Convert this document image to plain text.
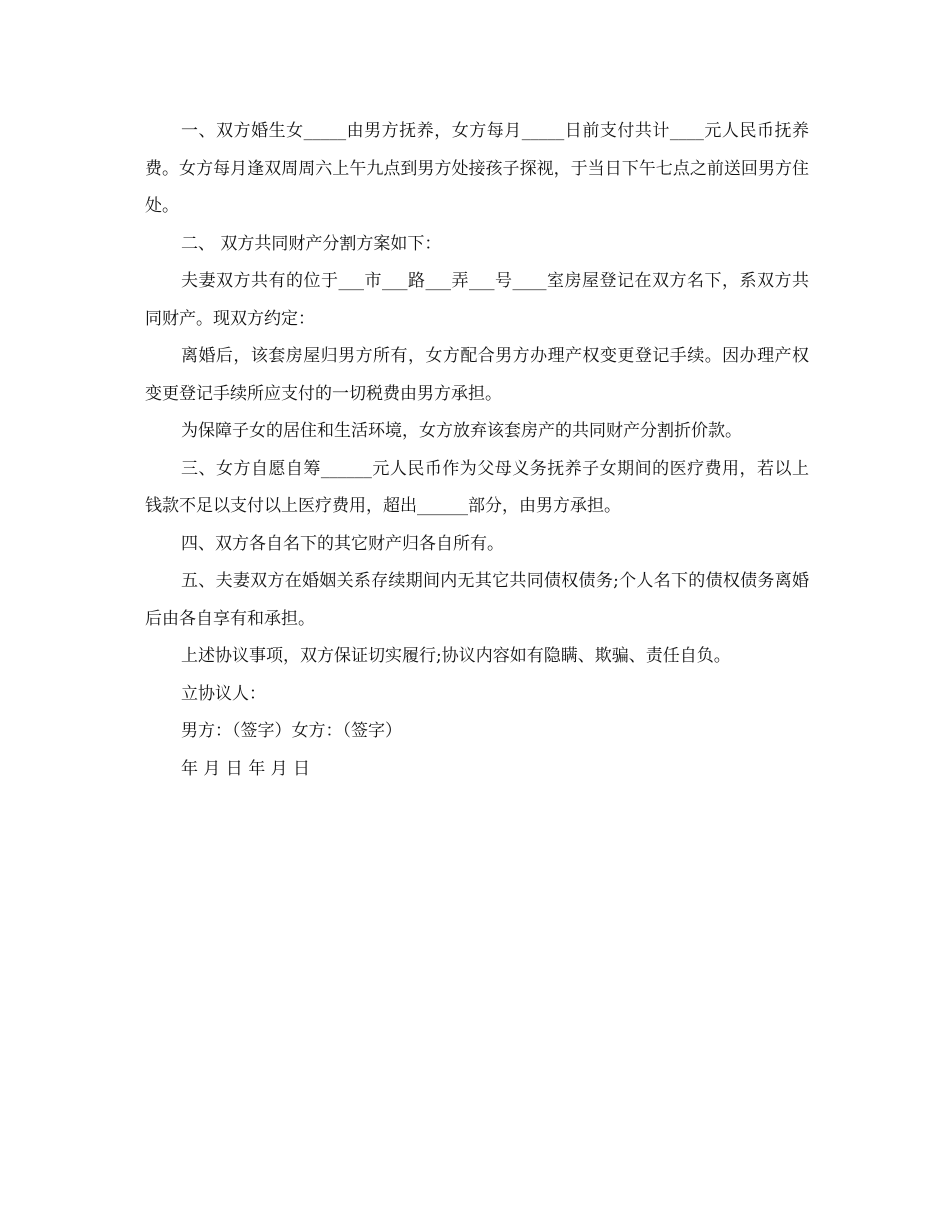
一、双方婚生女_____由男方抚养，女方每月_____日前支付共计____元人民币抚养费。女方每月逢双周周六上午九点到男方处接孩子探视，于当日下午七点之前送回男方住处。

二、 双方共同财产分割方案如下：

夫妻双方共有的位于___市___路___弄___号____室房屋登记在双方名下，系双方共同财产。现双方约定：

离婚后，该套房屋归男方所有，女方配合男方办理产权变更登记手续。因办理产权变更登记手续所应支付的一切税费由男方承担。

为保障子女的居住和生活环境，女方放弃该套房产的共同财产分割折价款。

三、女方自愿自筹______元人民币作为父母义务抚养子女期间的医疗费用，若以上钱款不足以支付以上医疗费用，超出______部分，由男方承担。

四、双方各自名下的其它财产归各自所有。

五、夫妻双方在婚姻关系存续期间内无其它共同债权债务;个人名下的债权债务离婚后由各自享有和承担。

上述协议事项，双方保证切实履行;协议内容如有隐瞒、欺骗、责任自负。

立协议人：

男方：（签字）女方：（签字）

年 月 日 年 月 日
